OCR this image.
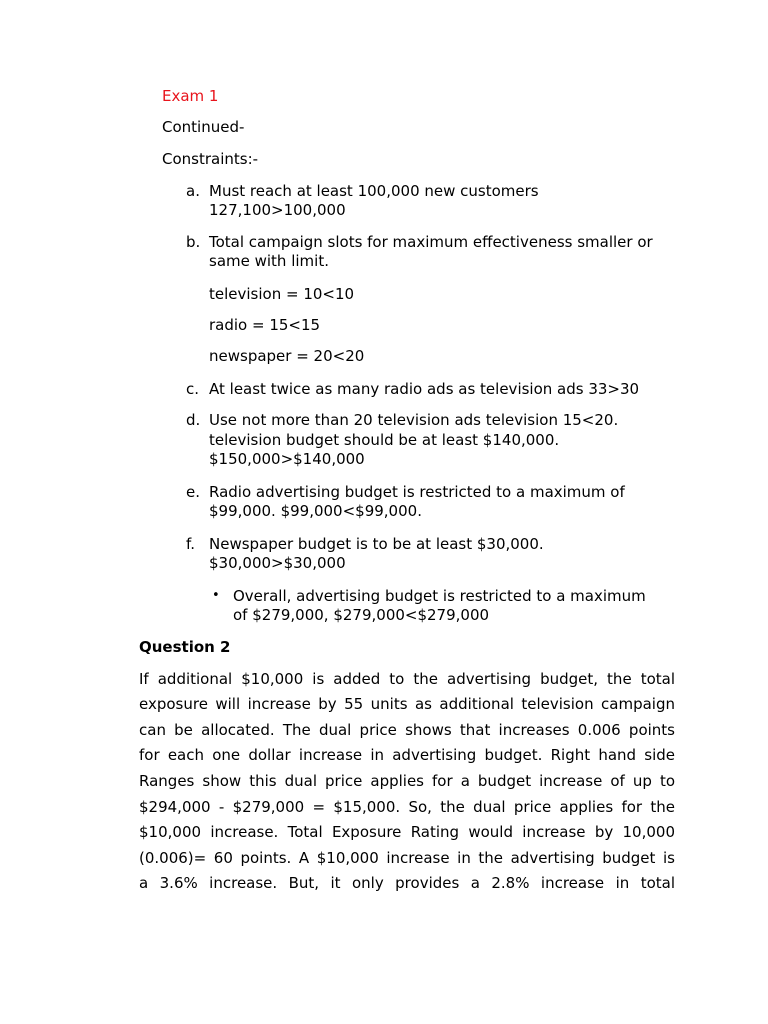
Exam 1
Continued-
Constraints:-
a. Must reach at least 100,000 new customers
127,100>100,000
b. Total campaign slots for maximum effectiveness smaller or
same with limit.
television = 10<10
radio = 15<15
newspaper = 20<20
c. At least twice as many radio ads as television ads 33>30
d. Use not more than 20 television ads television 15<20.
television budget should be at least $140,000.
$150,000>$140,000
e. Radio advertising budget is restricted to a maximum of
$99,000. $99,000<$99,000.
f. Newspaper budget is to be at least $30,000.
$30,000>$30,000
• Overall, advertising budget is restricted to a maximum
of $279,000, $279,000<$279,000
Question 2
If additional $10,000 is added to the advertising budget, the total
exposure will increase by 55 units as additional television campaign
can be allocated. The dual price shows that increases 0.006 points
for each one dollar increase in advertising budget. Right hand side
Ranges show this dual price applies for a budget increase of up to
$294,000 - $279,000 = $15,000. So, the dual price applies for the
$10,000 increase. Total Exposure Rating would increase by 10,000
(0.006)= 60 points. A $10,000 increase in the advertising budget is
a 3.6% increase. But, it only provides a 2.8% increase in total
